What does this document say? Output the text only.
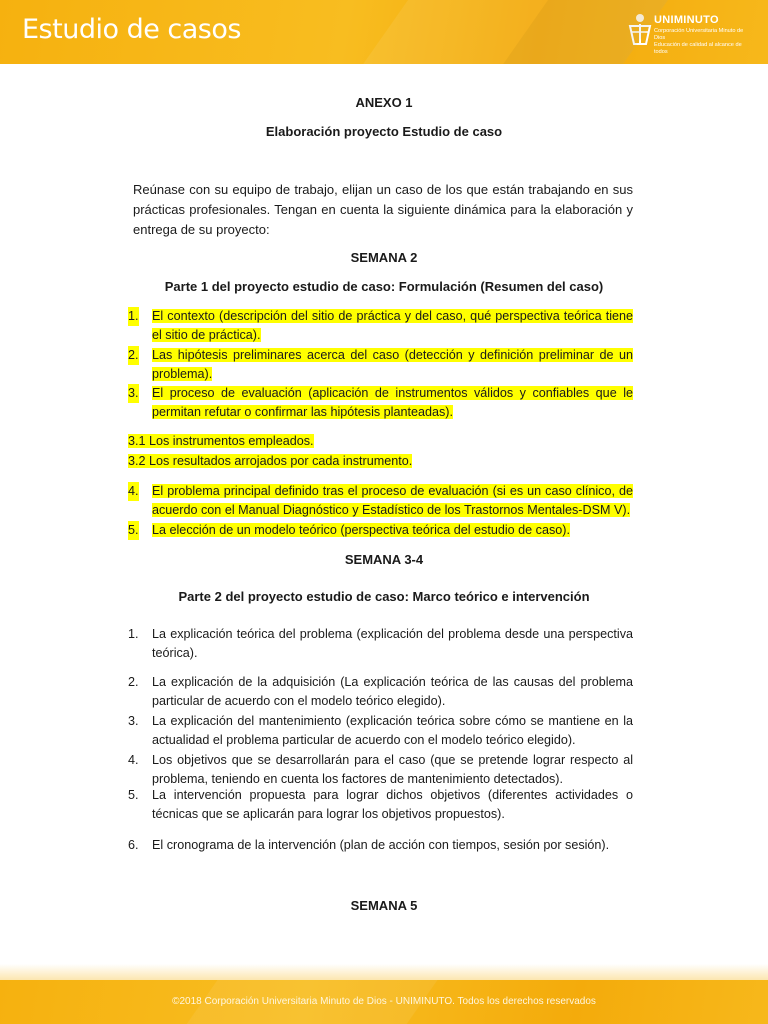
Estudio de casos	UNIMINUTO
Corporación Universitaria Minuto de Dios
Educación de calidad al alcance de todos
ANEXO 1
Elaboración proyecto Estudio de caso
Reúnase con su equipo de trabajo, elijan un caso de los que están trabajando en sus prácticas profesionales. Tengan en cuenta la siguiente dinámica para la elaboración y entrega de su proyecto:
SEMANA 2
Parte 1 del proyecto estudio de caso: Formulación (Resumen del caso)
1. El contexto (descripción del sitio de práctica y del caso, qué perspectiva teórica tiene el sitio de práctica).
2. Las hipótesis preliminares acerca del caso (detección y definición preliminar de un problema).
3. El proceso de evaluación (aplicación de instrumentos válidos y confiables que le permitan refutar o confirmar las hipótesis planteadas).
3.1 Los instrumentos empleados.
3.2 Los resultados arrojados por cada instrumento.
4. El problema principal definido tras el proceso de evaluación (si es un caso clínico, de acuerdo con el Manual Diagnóstico y Estadístico de los Trastornos Mentales-DSM V).
5. La elección de un modelo teórico (perspectiva teórica del estudio de caso).
SEMANA 3-4
Parte 2 del proyecto estudio de caso: Marco teórico e intervención
1. La explicación teórica del problema (explicación del problema desde una perspectiva teórica).
2. La explicación de la adquisición (La explicación teórica de las causas del problema particular de acuerdo con el modelo teórico elegido).
3. La explicación del mantenimiento (explicación teórica sobre cómo se mantiene en la actualidad el problema particular de acuerdo con el modelo teórico elegido).
4. Los objetivos que se desarrollarán para el caso (que se pretende lograr respecto al problema, teniendo en cuenta los factores de mantenimiento detectados).
5. La intervención propuesta para lograr dichos objetivos (diferentes actividades o técnicas que se aplicarán para lograr los objetivos propuestos).
6. El cronograma de la intervención (plan de acción con tiempos, sesión por sesión).
SEMANA 5
©2018 Corporación Universitaria Minuto de Dios - UNIMINUTO. Todos los derechos reservados
